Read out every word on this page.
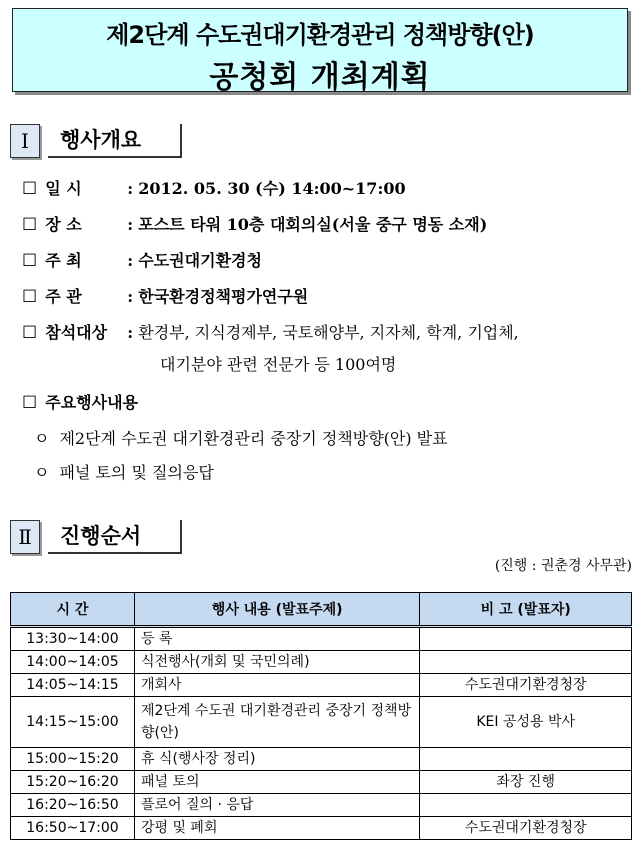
제2단계 수도권대기환경관리 정책방향(안)
공청회 개최계획
Ⅰ	행사개요
☐ 일 시	: 2012. 05. 30 (수) 14:00~17:00
☐ 장 소	: 포스트 타워 10층 대회의실(서울 중구 명동 소재)
☐ 주 최	: 수도권대기환경청
☐ 주 관	: 한국환경정책평가연구원
☐ 참석대상 : 환경부, 지식경제부, 국토해양부, 지자체, 학계, 기업체,
대기분야 관련 전문가 등 100여명
☐ 주요행사내용
ㅇ 제2단계 수도권 대기환경관리 중장기 정책방향(안) 발표
ㅇ 패널 토의 및 질의응답
Ⅱ	진행순서
(진행 : 권춘경 사무관)
시 간	행사 내용 (발표주제)	비 고 (발표자)
13:30~14:00	등 록	
14:00~14:05	식전행사(개회 및 국민의례)	
14:05~14:15	개회사	수도권대기환경청장
14:15~15:00	제2단계 수도권 대기환경관리 중장기 정책방향(안)	KEI 공성용 박사
15:00~15:20	휴 식(행사장 정리)	
15:20~16:20	패널 토의	좌장 진행
16:20~16:50	플로어 질의 · 응답	
16:50~17:00	강평 및 폐회	수도권대기환경청장
